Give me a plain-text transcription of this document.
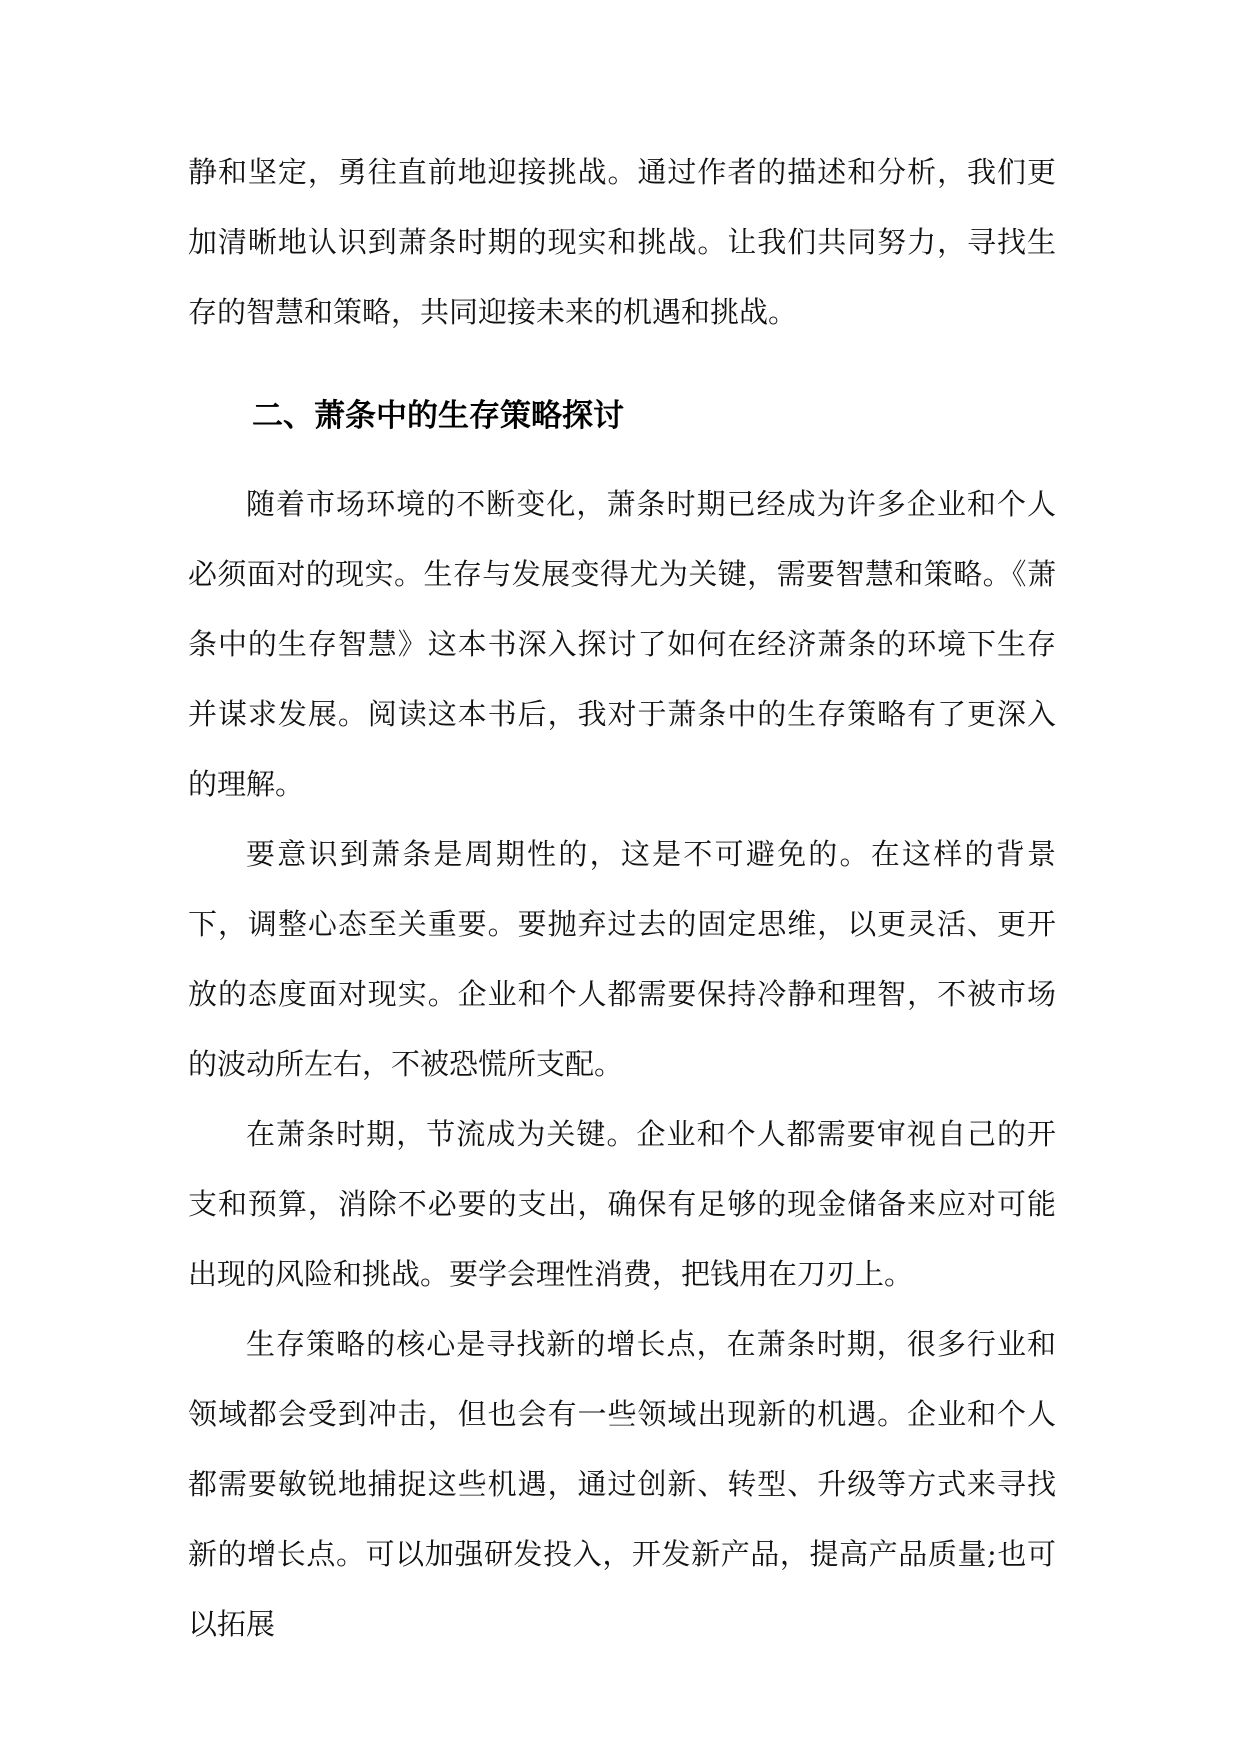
静和坚定，勇往直前地迎接挑战。通过作者的描述和分析，我们更加清晰地认识到萧条时期的现实和挑战。让我们共同努力，寻找生存的智慧和策略，共同迎接未来的机遇和挑战。

二、萧条中的生存策略探讨

随着市场环境的不断变化，萧条时期已经成为许多企业和个人必须面对的现实。生存与发展变得尤为关键，需要智慧和策略。《萧条中的生存智慧》这本书深入探讨了如何在经济萧条的环境下生存并谋求发展。阅读这本书后，我对于萧条中的生存策略有了更深入的理解。

要意识到萧条是周期性的，这是不可避免的。在这样的背景下，调整心态至关重要。要抛弃过去的固定思维，以更灵活、更开放的态度面对现实。企业和个人都需要保持冷静和理智，不被市场的波动所左右，不被恐慌所支配。

在萧条时期，节流成为关键。企业和个人都需要审视自己的开支和预算，消除不必要的支出，确保有足够的现金储备来应对可能出现的风险和挑战。要学会理性消费，把钱用在刀刃上。

生存策略的核心是寻找新的增长点，在萧条时期，很多行业和领域都会受到冲击，但也会有一些领域出现新的机遇。企业和个人都需要敏锐地捕捉这些机遇，通过创新、转型、升级等方式来寻找新的增长点。可以加强研发投入，开发新产品，提高产品质量;也可以拓展
